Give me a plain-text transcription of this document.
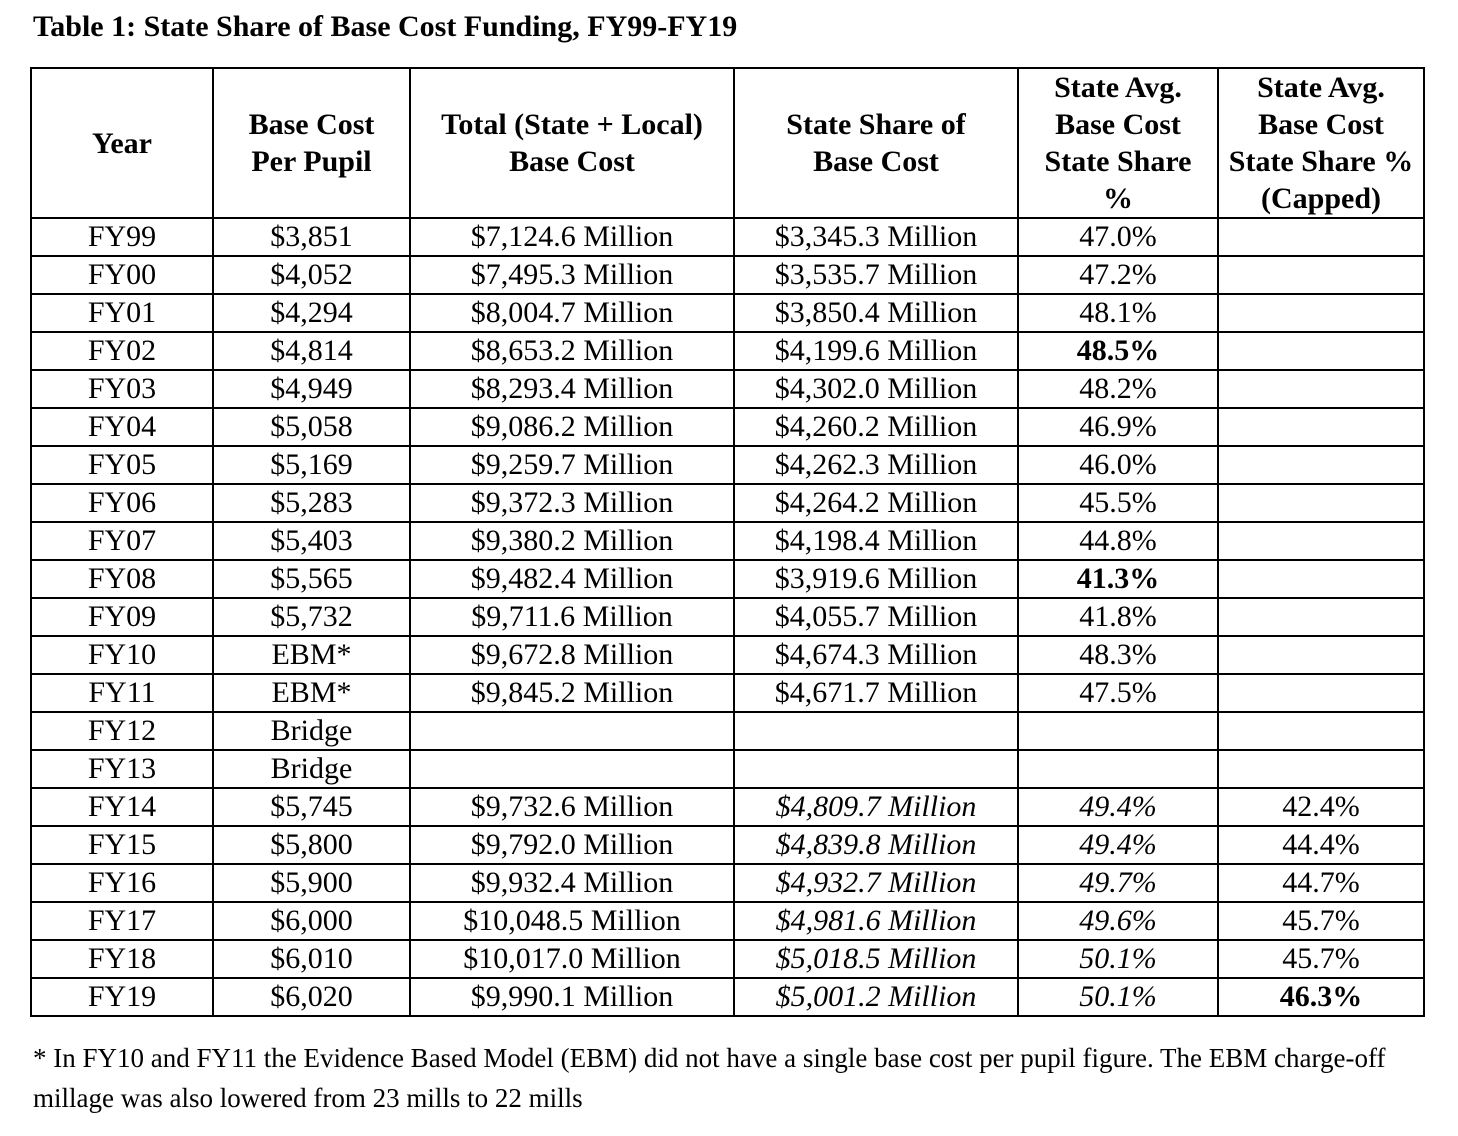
Table 1: State Share of Base Cost Funding, FY99-FY19
Year	Base Cost Per Pupil	Total (State + Local) Base Cost	State Share of Base Cost	State Avg. Base Cost State Share %	State Avg. Base Cost State Share % (Capped)
FY99	$3,851	$7,124.6 Million	$3,345.3 Million	47.0%	
FY00	$4,052	$7,495.3 Million	$3,535.7 Million	47.2%	
FY01	$4,294	$8,004.7 Million	$3,850.4 Million	48.1%	
FY02	$4,814	$8,653.2 Million	$4,199.6 Million	48.5%	
FY03	$4,949	$8,293.4 Million	$4,302.0 Million	48.2%	
FY04	$5,058	$9,086.2 Million	$4,260.2 Million	46.9%	
FY05	$5,169	$9,259.7 Million	$4,262.3 Million	46.0%	
FY06	$5,283	$9,372.3 Million	$4,264.2 Million	45.5%	
FY07	$5,403	$9,380.2 Million	$4,198.4 Million	44.8%	
FY08	$5,565	$9,482.4 Million	$3,919.6 Million	41.3%	
FY09	$5,732	$9,711.6 Million	$4,055.7 Million	41.8%	
FY10	EBM*	$9,672.8 Million	$4,674.3 Million	48.3%	
FY11	EBM*	$9,845.2 Million	$4,671.7 Million	47.5%	
FY12	Bridge				
FY13	Bridge				
FY14	$5,745	$9,732.6 Million	$4,809.7 Million	49.4%	42.4%
FY15	$5,800	$9,792.0 Million	$4,839.8 Million	49.4%	44.4%
FY16	$5,900	$9,932.4 Million	$4,932.7 Million	49.7%	44.7%
FY17	$6,000	$10,048.5 Million	$4,981.6 Million	49.6%	45.7%
FY18	$6,010	$10,017.0 Million	$5,018.5 Million	50.1%	45.7%
FY19	$6,020	$9,990.1 Million	$5,001.2 Million	50.1%	46.3%
* In FY10 and FY11 the Evidence Based Model (EBM) did not have a single base cost per pupil figure. The EBM charge-off millage was also lowered from 23 mills to 22 mills
